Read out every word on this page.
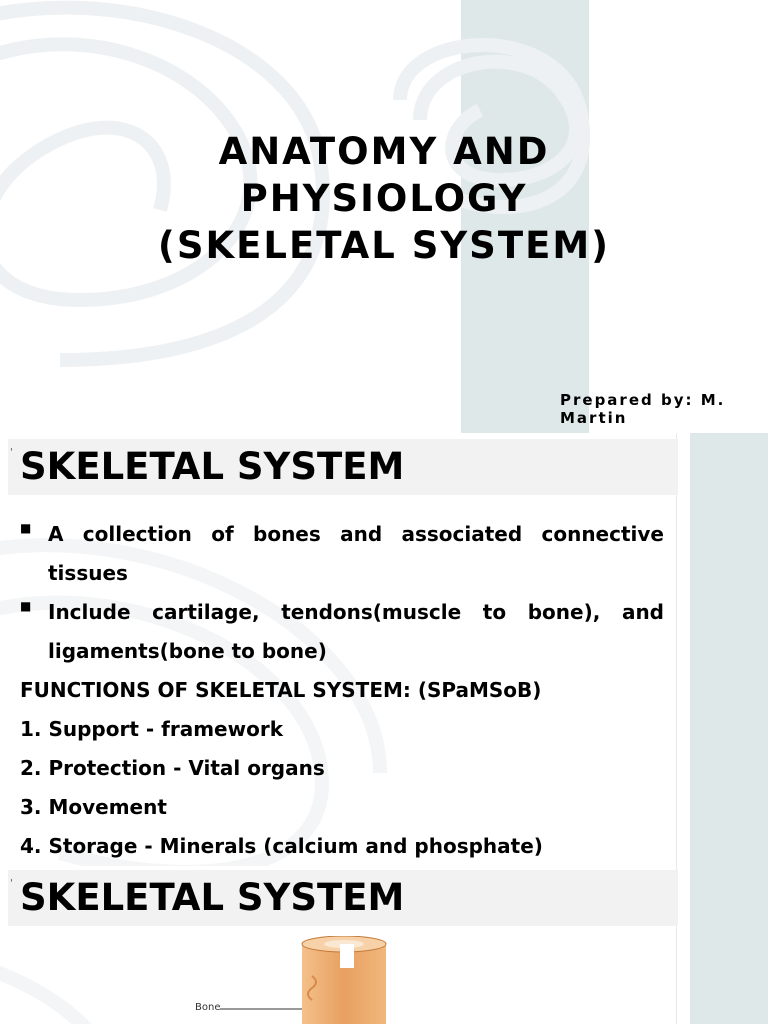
ANATOMY AND
PHYSIOLOGY
(SKELETAL SYSTEM)
Prepared by: M. Martin
' SKELETAL SYSTEM
■ A collection of bones and associated connective tissues
■ Include cartilage, tendons(muscle to bone), and ligaments(bone to bone)
FUNCTIONS OF SKELETAL SYSTEM: (SPaMSoB)
1. Support - framework
2. Protection - Vital organs
3. Movement
4. Storage - Minerals (calcium and phosphate)
' SKELETAL SYSTEM
Bone
